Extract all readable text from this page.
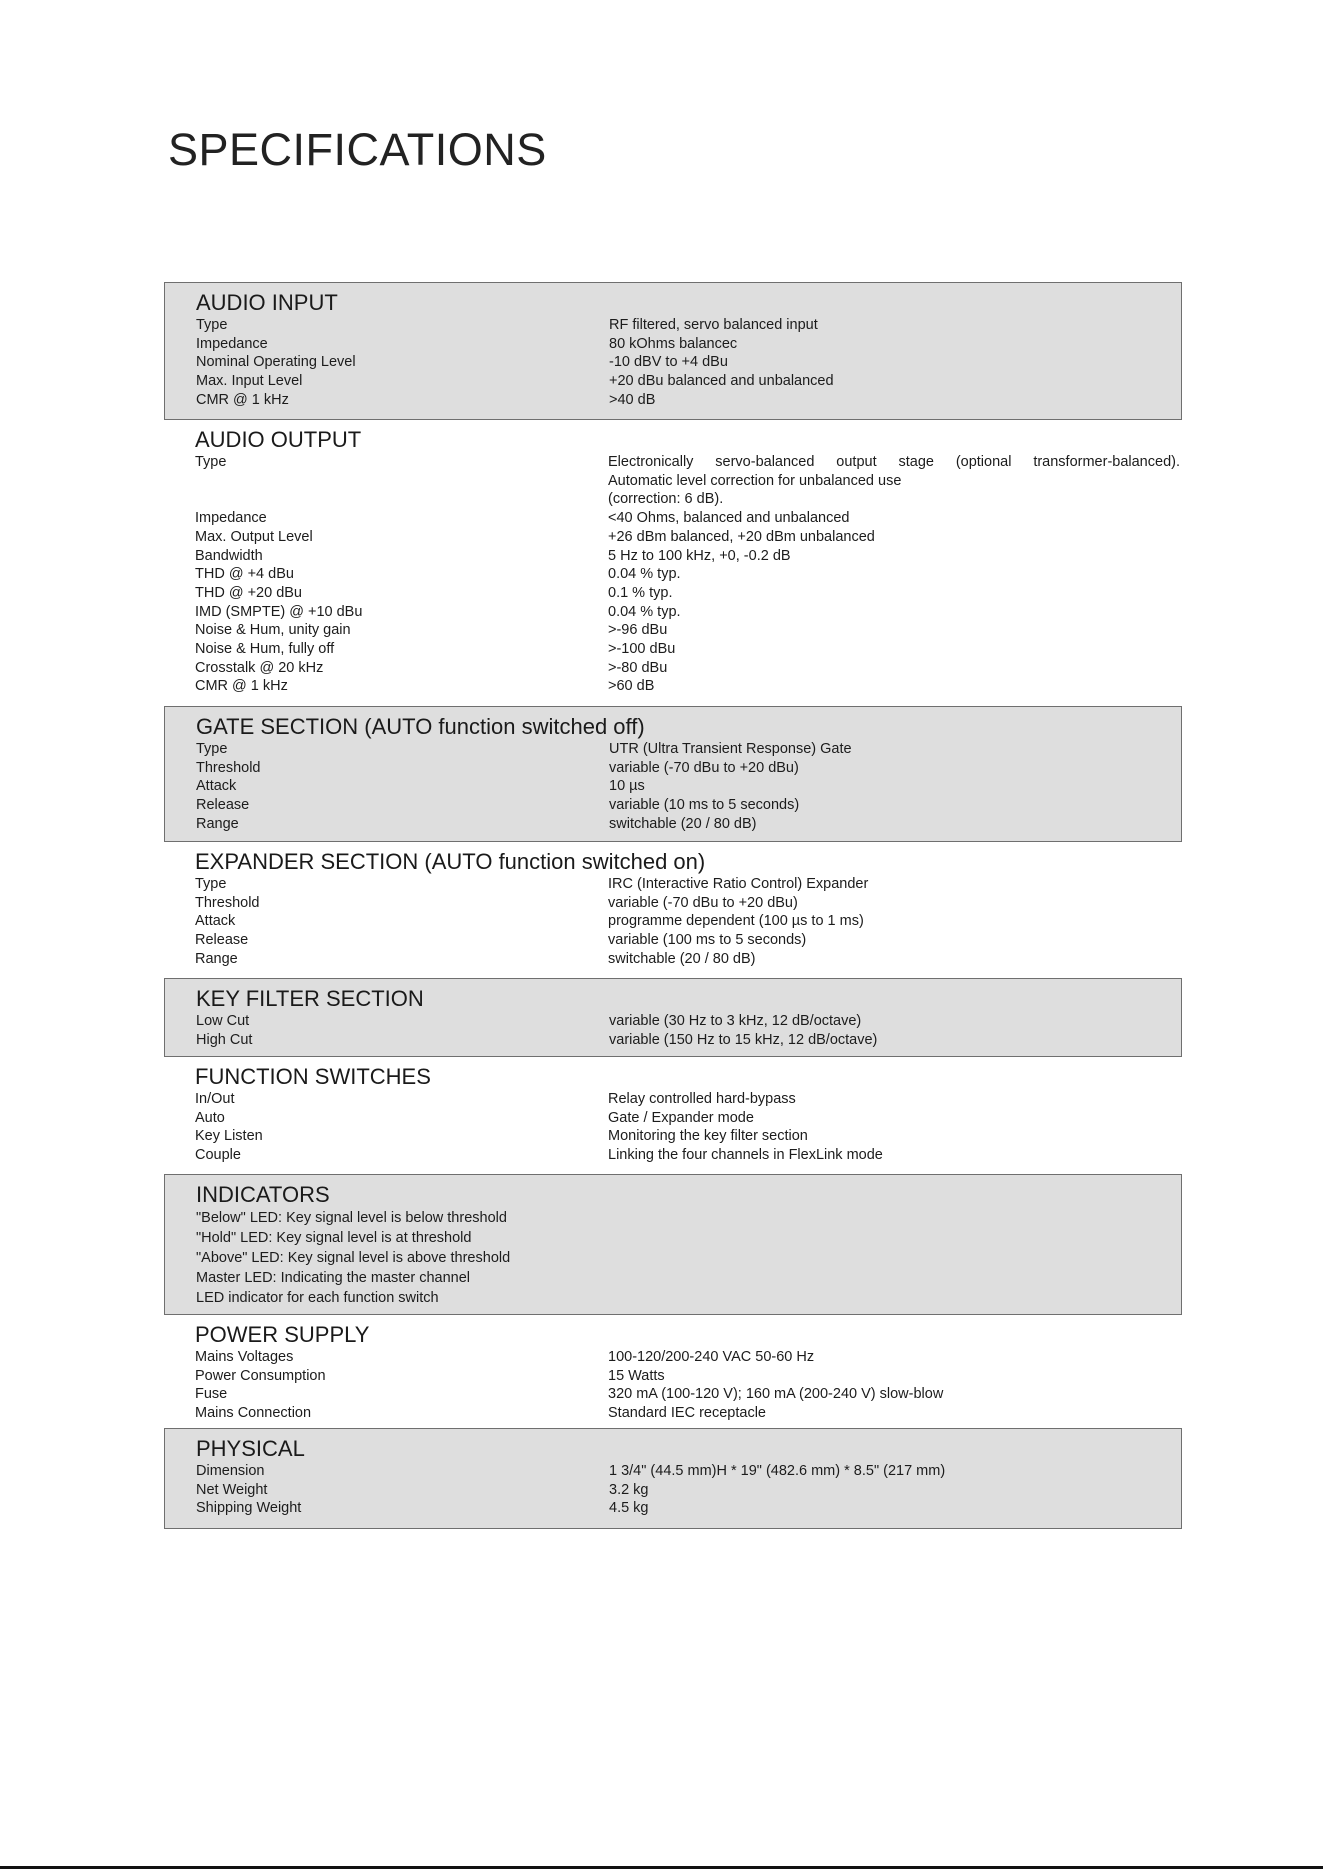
SPECIFICATIONS
AUDIO INPUT
Type	RF filtered, servo balanced input
Impedance	80 kOhms balancec
Nominal Operating Level	-10 dBV to +4 dBu
Max. Input Level	+20 dBu balanced and unbalanced
CMR @ 1 kHz	>40 dB
AUDIO OUTPUT
Type	Electronically servo-balanced output stage (optional transformer-balanced).
Automatic level correction for unbalanced use
(correction: 6 dB).
Impedance	<40 Ohms, balanced and unbalanced
Max. Output Level	+26 dBm balanced, +20 dBm unbalanced
Bandwidth	5 Hz to 100 kHz, +0, -0.2 dB
THD @ +4 dBu	0.04 % typ.
THD @ +20 dBu	0.1 % typ.
IMD (SMPTE) @ +10 dBu	0.04 % typ.
Noise & Hum, unity gain	>-96 dBu
Noise & Hum, fully off	>-100 dBu
Crosstalk @ 20 kHz	>-80 dBu
CMR @ 1 kHz	>60 dB
GATE SECTION (AUTO function switched off)
Type	UTR (Ultra Transient Response) Gate
Threshold	variable (-70 dBu to +20 dBu)
Attack	10 µs
Release	variable (10 ms to 5 seconds)
Range	switchable (20 / 80 dB)
EXPANDER SECTION (AUTO function switched on)
Type	IRC (Interactive Ratio Control) Expander
Threshold	variable (-70 dBu to +20 dBu)
Attack	programme dependent (100 µs to 1 ms)
Release	variable (100 ms to 5 seconds)
Range	switchable (20 / 80 dB)
KEY FILTER SECTION
Low Cut	variable (30 Hz to 3 kHz, 12 dB/octave)
High Cut	variable (150 Hz to 15 kHz, 12 dB/octave)
FUNCTION SWITCHES
In/Out	Relay controlled hard-bypass
Auto	Gate / Expander mode
Key Listen	Monitoring the key filter section
Couple	Linking the four channels in FlexLink mode
INDICATORS
"Below" LED: Key signal level is below threshold
"Hold" LED: Key signal level is at threshold
"Above" LED: Key signal level is above threshold
Master LED: Indicating the master channel
LED indicator for each function switch
POWER SUPPLY
Mains Voltages	100-120/200-240 VAC 50-60 Hz
Power Consumption	15 Watts
Fuse	320 mA (100-120 V); 160 mA (200-240 V) slow-blow
Mains Connection	Standard IEC receptacle
PHYSICAL
Dimension	1 3/4" (44.5 mm)H * 19" (482.6 mm) * 8.5" (217 mm)
Net Weight	3.2 kg
Shipping Weight	4.5 kg
